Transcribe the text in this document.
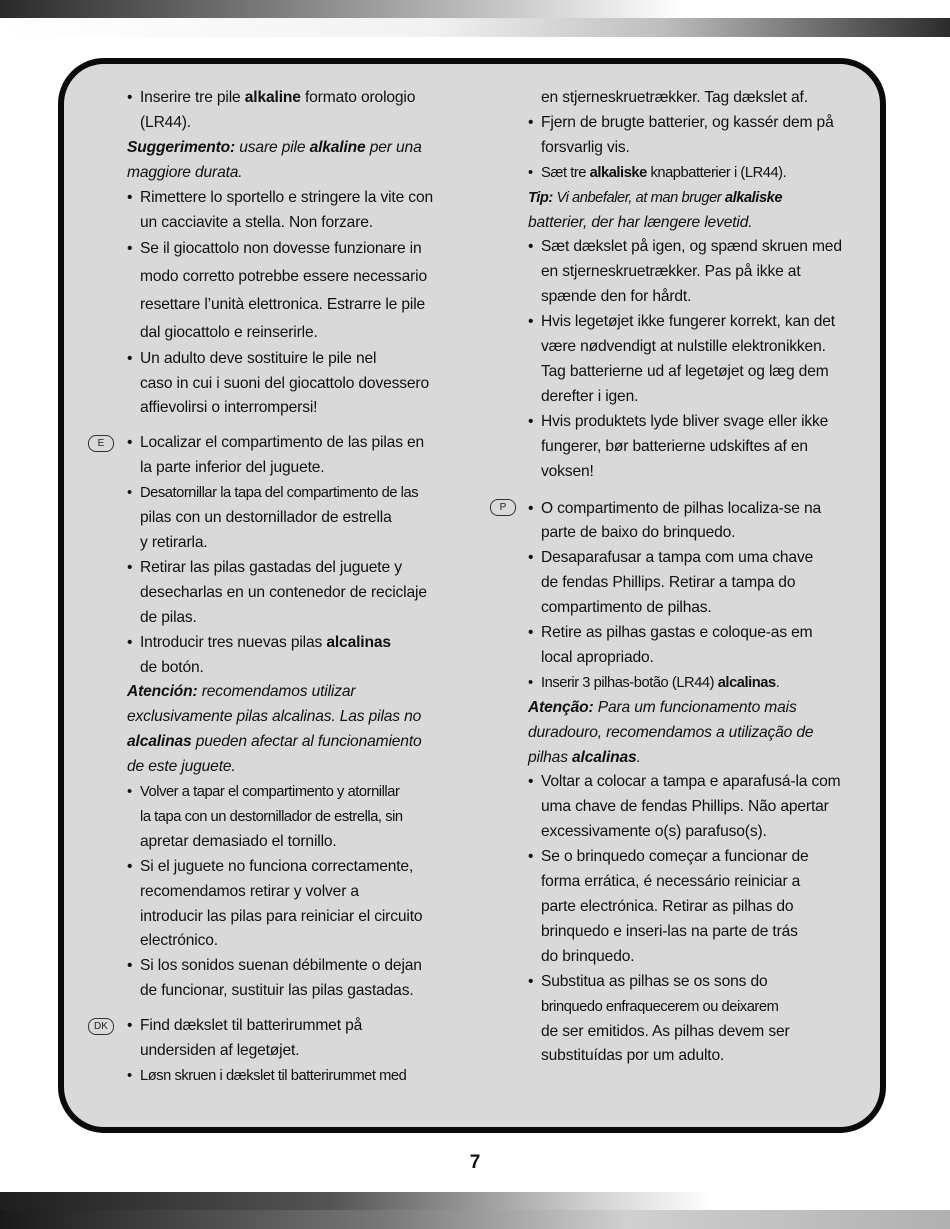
• Inserire tre pile alkaline formato orologio
(LR44).
Suggerimento: usare pile alkaline per una
maggiore durata.
• Rimettere lo sportello e stringere la vite con
un cacciavite a stella. Non forzare.
• Se il giocattolo non dovesse funzionare in
modo corretto potrebbe essere necessario
resettare l’unità elettronica. Estrarre le pile
dal giocattolo e reinserirle.
• Un adulto deve sostituire le pile nel
caso in cui i suoni del giocattolo dovessero
affievolirsi o interrompersi!
• Localizar el compartimento de las pilas en
la parte inferior del juguete.
• Desatornillar la tapa del compartimento de las
pilas con un destornillador de estrella
y retirarla.
• Retirar las pilas gastadas del juguete y
desecharlas en un contenedor de reciclaje
de pilas.
• Introducir tres nuevas pilas alcalinas
de botón.
Atención: recomendamos utilizar
exclusivamente pilas alcalinas. Las pilas no
alcalinas pueden afectar al funcionamiento
de este juguete.
• Volver a tapar el compartimento y atornillar
la tapa con un destornillador de estrella, sin
apretar demasiado el tornillo.
• Si el juguete no funciona correctamente,
recomendamos retirar y volver a
introducir las pilas para reiniciar el circuito
electrónico.
• Si los sonidos suenan débilmente o dejan
de funcionar, sustituir las pilas gastadas.
• Find dækslet til batterirummet på
undersiden af legetøjet.
• Løsn skruen i dækslet til batterirummet med
E
DK
en stjerneskruetrækker. Tag dækslet af.
• Fjern de brugte batterier, og kassér dem på
forsvarlig vis.
• Sæt tre alkaliske knapbatterier i (LR44).
Tip: Vi anbefaler, at man bruger alkaliske
batterier, der har længere levetid.
• Sæt dækslet på igen, og spænd skruen med
en stjerneskruetrækker. Pas på ikke at
spænde den for hårdt.
• Hvis legetøjet ikke fungerer korrekt, kan det
være nødvendigt at nulstille elektronikken.
Tag batterierne ud af legetøjet og læg dem
derefter i igen.
• Hvis produktets lyde bliver svage eller ikke
fungerer, bør batterierne udskiftes af en
voksen!
• O compartimento de pilhas localiza-se na
parte de baixo do brinquedo.
• Desaparafusar a tampa com uma chave
de fendas Phillips. Retirar a tampa do
compartimento de pilhas.
• Retire as pilhas gastas e coloque-as em
local apropriado.
• Inserir 3 pilhas-botão (LR44) alcalinas.
Atenção: Para um funcionamento mais
duradouro, recomendamos a utilização de
pilhas alcalinas.
• Voltar a colocar a tampa e aparafusá-la com
uma chave de fendas Phillips. Não apertar
excessivamente o(s) parafuso(s).
• Se o brinquedo começar a funcionar de
forma errática, é necessário reiniciar a
parte electrónica. Retirar as pilhas do
brinquedo e inseri-las na parte de trás
do brinquedo.
• Substitua as pilhas se os sons do
brinquedo enfraquecerem ou deixarem
de ser emitidos. As pilhas devem ser
substituídas por um adulto.
P
7
